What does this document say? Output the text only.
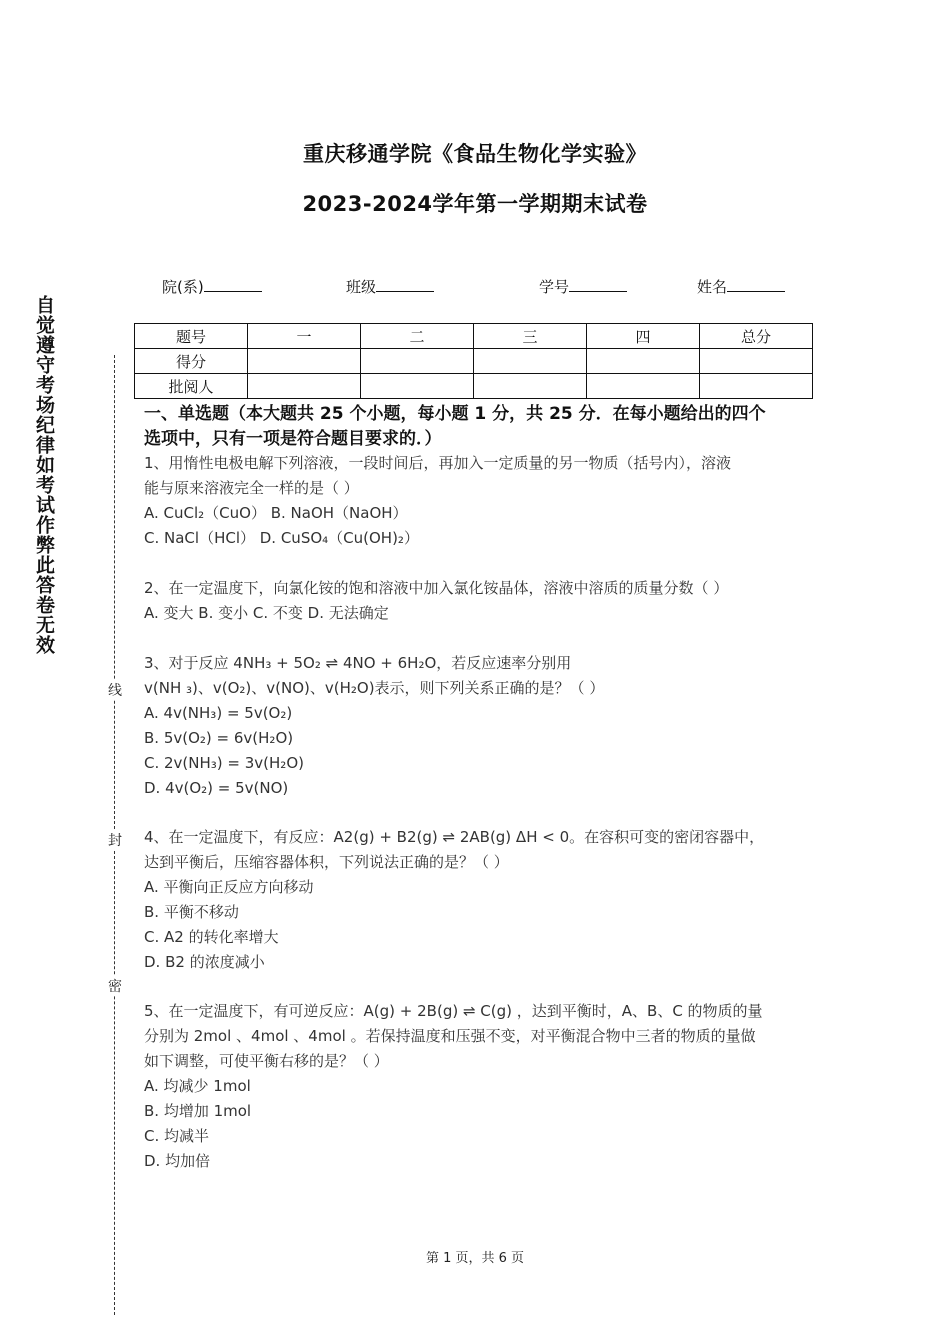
重庆移通学院《食品生物化学实验》
2023-2024学年第一学期期末试卷
自觉遵守考场纪律如考试作弊此答卷无效
线
封
密
院(系)	班级	学号	姓名
题号	一	二	三	四	总分
得分					
批阅人					
一、单选题（本大题共 25 个小题，每小题 1 分，共 25 分．在每小题给出的四个
选项中，只有一项是符合题目要求的．）
1、用惰性电极电解下列溶液，一段时间后，再加入一定质量的另一物质（括号内），溶液
能与原来溶液完全一样的是（ ）
A. CuCl₂（CuO） B. NaOH（NaOH）
C. NaCl（HCl） D. CuSO₄（Cu(OH)₂）
2、在一定温度下，向氯化铵的饱和溶液中加入氯化铵晶体，溶液中溶质的质量分数（ ）
A. 变大 B. 变小 C. 不变 D. 无法确定
3、对于反应 4NH₃ + 5O₂ ⇌ 4NO + 6H₂O，若反应速率分别用
v(NH ₃)、v(O₂)、v(NO)、v(H₂O)表示，则下列关系正确的是？（ ）
A. 4v(NH₃) = 5v(O₂)
B. 5v(O₂) = 6v(H₂O)
C. 2v(NH₃) = 3v(H₂O)
D. 4v(O₂) = 5v(NO)
4、在一定温度下，有反应：A2(g) + B2(g) ⇌ 2AB(g) ΔH < 0。在容积可变的密闭容器中，
达到平衡后，压缩容器体积，下列说法正确的是？（ ）
A. 平衡向正反应方向移动
B. 平衡不移动
C. A2 的转化率增大
D. B2 的浓度减小
5、在一定温度下，有可逆反应：A(g) + 2B(g) ⇌ C(g) ，达到平衡时，A、B、C 的物质的量
分别为 2mol 、4mol 、4mol 。若保持温度和压强不变，对平衡混合物中三者的物质的量做
如下调整，可使平衡右移的是？（ ）
A. 均减少 1mol
B. 均增加 1mol
C. 均减半
D. 均加倍
第 1 页，共 6 页
